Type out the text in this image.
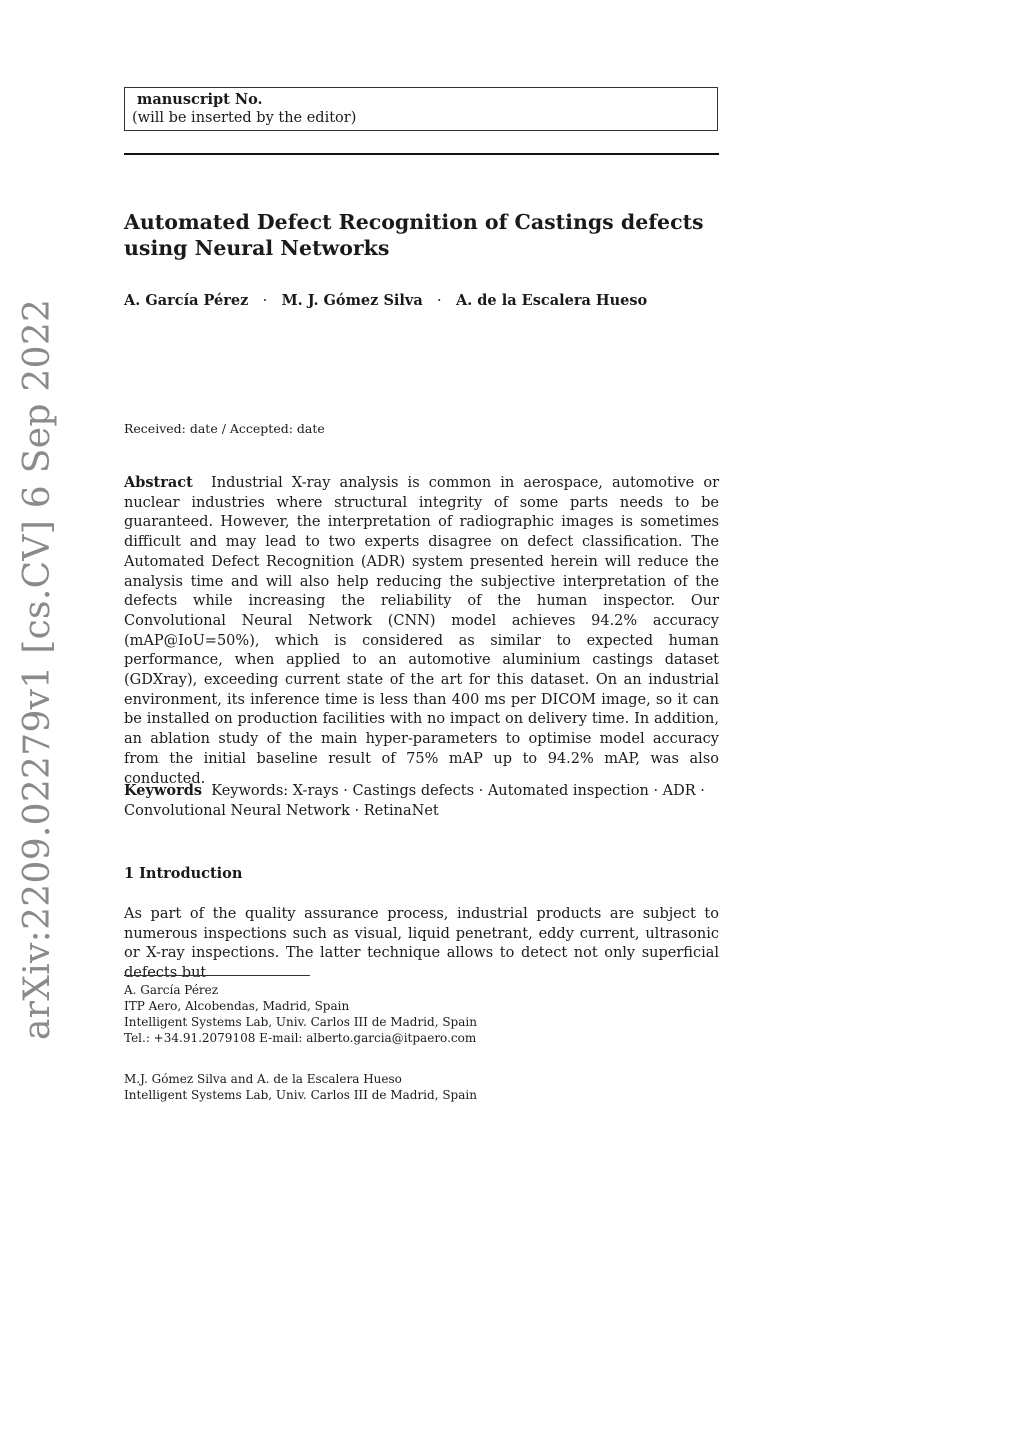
arXiv:2209.02279v1 [cs.CV] 6 Sep 2022
manuscript No.
(will be inserted by the editor)
Automated Defect Recognition of Castings defects using Neural Networks
A. García Pérez · M. J. Gómez Silva · A. de la Escalera Hueso
Received: date / Accepted: date
Abstract Industrial X-ray analysis is common in aerospace, automotive or nuclear industries where structural integrity of some parts needs to be guaranteed. However, the interpretation of radiographic images is sometimes difficult and may lead to two experts disagree on defect classification. The Automated Defect Recognition (ADR) system presented herein will reduce the analysis time and will also help reducing the subjective interpretation of the defects while increasing the reliability of the human inspector. Our Convolutional Neural Network (CNN) model achieves 94.2% accuracy (mAP@IoU=50%), which is considered as similar to expected human performance, when applied to an automotive aluminium castings dataset (GDXray), exceeding current state of the art for this dataset. On an industrial environment, its inference time is less than 400 ms per DICOM image, so it can be installed on production facilities with no impact on delivery time. In addition, an ablation study of the main hyper-parameters to optimise model accuracy from the initial baseline result of 75% mAP up to 94.2% mAP, was also conducted.
Keywords Keywords: X-rays · Castings defects · Automated inspection · ADR · Convolutional Neural Network · RetinaNet
1 Introduction
As part of the quality assurance process, industrial products are subject to numerous inspections such as visual, liquid penetrant, eddy current, ultrasonic or X-ray inspections. The latter technique allows to detect not only superficial defects but
A. García Pérez
ITP Aero, Alcobendas, Madrid, Spain
Intelligent Systems Lab, Univ. Carlos III de Madrid, Spain
Tel.: +34.91.2079108 E-mail: alberto.garcia@itpaero.com
M.J. Gómez Silva and A. de la Escalera Hueso
Intelligent Systems Lab, Univ. Carlos III de Madrid, Spain
